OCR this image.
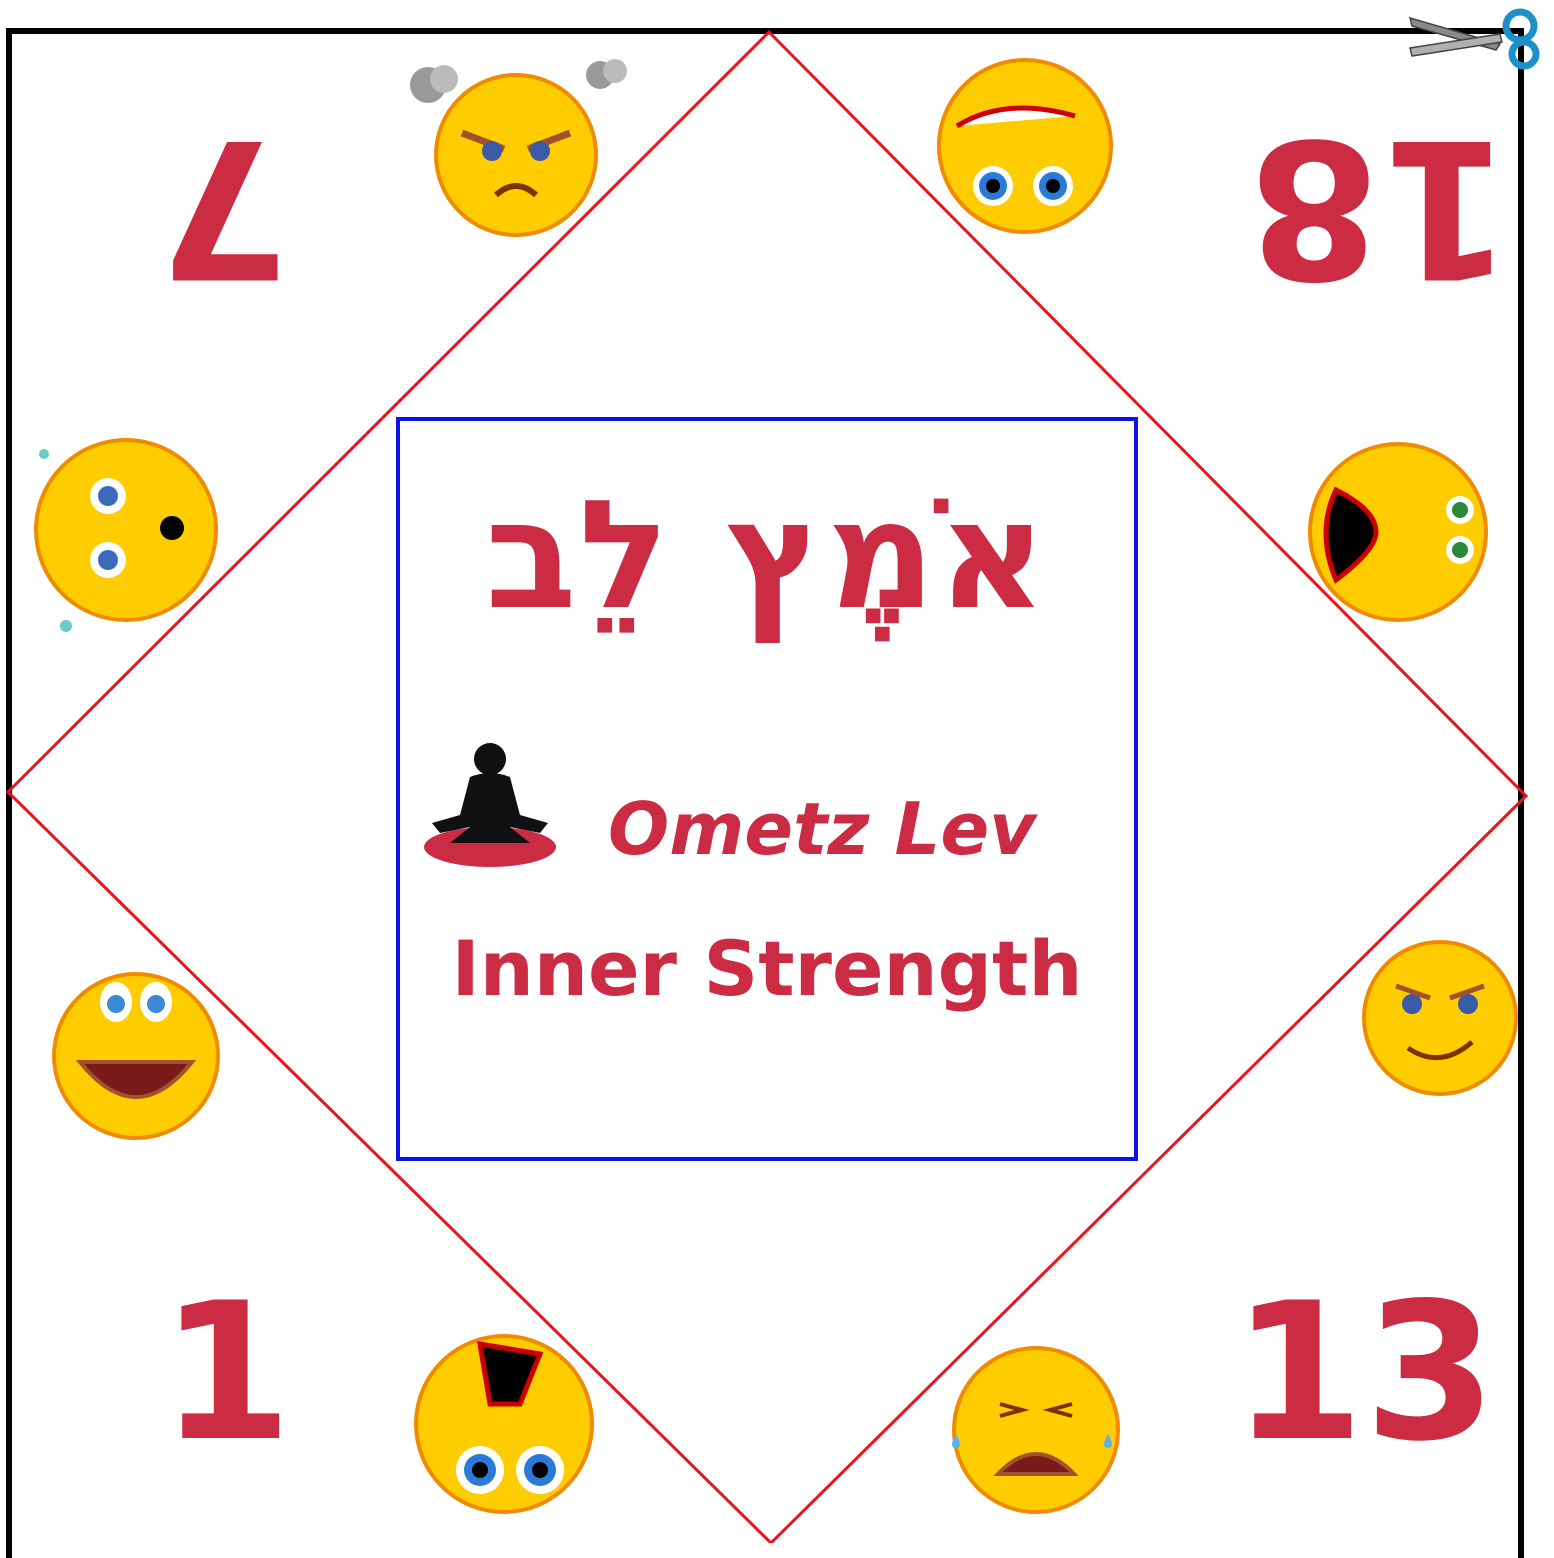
7	18
1	13
אֹמֶץ לֵב
Ometz Lev
Inner Strength
